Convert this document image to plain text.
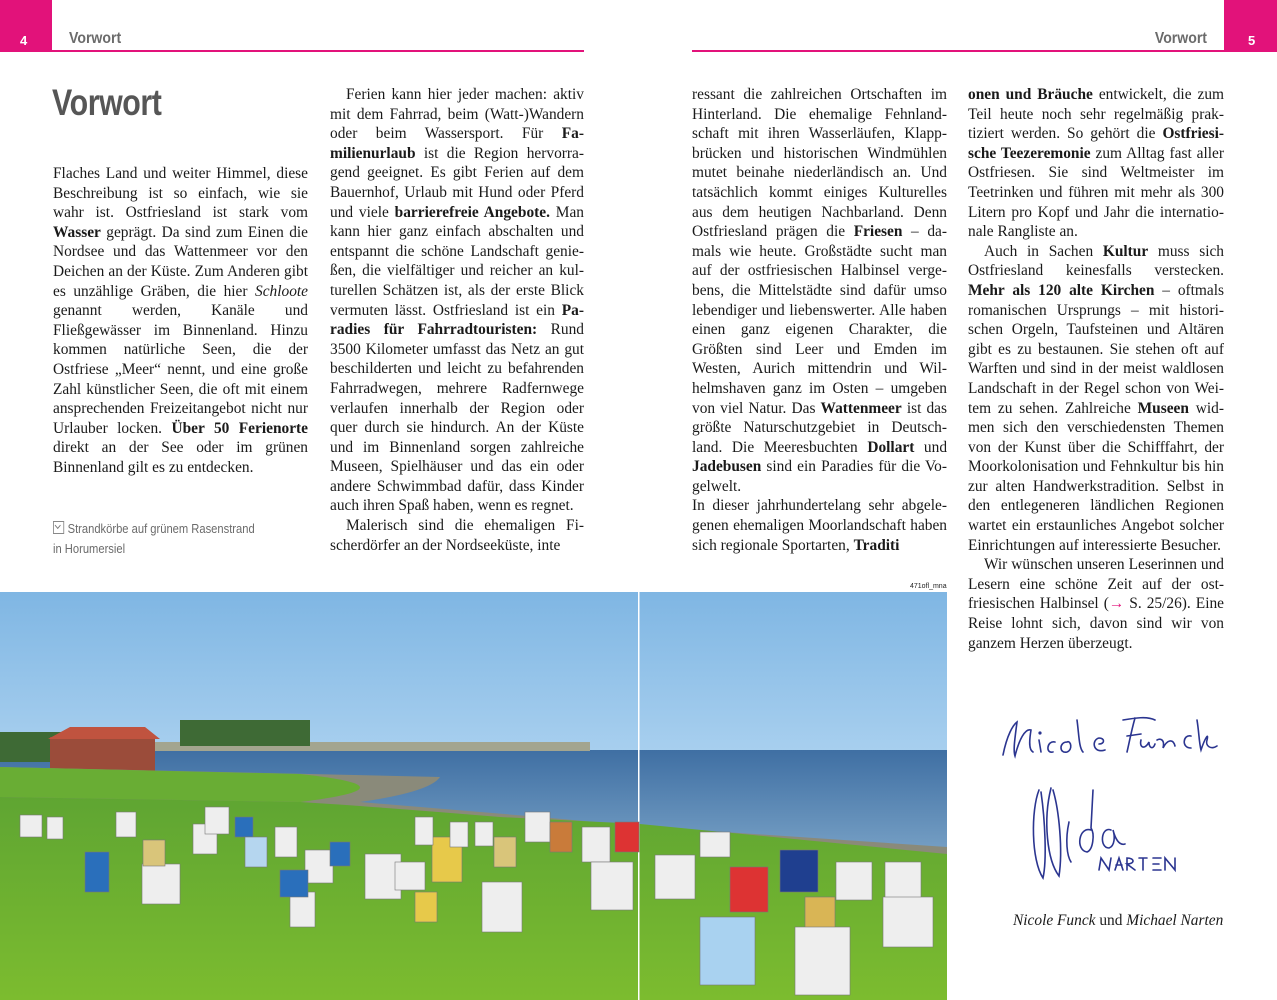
4	Vorwort
Vorwort

Flaches Land und weiter Himmel, diese Beschreibung ist so einfach, wie sie wahr ist. Ostfriesland ist stark vom Wasser geprägt. Da sind zum Einen die Nordsee und das Wattenmeer vor den Deichen an der Küste. Zum Anderen gibt es unzählige Gräben, die hier Schloote genannt werden, Kanäle und Fließgewässer im Binnenland. Hinzu kommen natürliche Seen, die der Ostfriese „Meer“ nennt, und eine große Zahl künstlicher Seen, die oft mit einem ansprechenden Freizeitangebot nicht nur Urlauber locken. Über 50 Ferienorte direkt an der See oder im grünen Binnenland gilt es zu entdecken.

Strandkörbe auf grünem Rasenstrand
in Horumersiel

Ferien kann hier jeder machen: aktiv mit dem Fahrrad, beim (Watt-)Wandern oder beim Wassersport. Für Familienurlaub ist die Region hervorragend geeignet. Es gibt Ferien auf dem Bauernhof, Urlaub mit Hund oder Pferd und viele barrierefreie Angebote. Man kann hier ganz einfach abschalten und entspannt die schöne Landschaft genießen, die vielfältiger und reicher an kulturellen Schätzen ist, als der erste Blick vermuten lässt. Ostfriesland ist ein Paradies für Fahrradtouristen: Rund 3500 Kilometer umfasst das Netz an gut beschilderten und leicht zu befahrenden Fahrradwegen, mehrere Radfernwege verlaufen innerhalb der Region oder quer durch sie hindurch. An der Küste und im Binnenland sorgen zahlreiche Museen, Spielhäuser und das ein oder andere Schwimmbad dafür, dass Kinder auch ihren Spaß haben, wenn es regnet.

Malerisch sind die ehemaligen Fischerdörfer an der Nordseeküste, inte

5
Vorwort

ressant die zahlreichen Ortschaften im Hinterland. Die ehemalige Fehnlandschaft mit ihren Wasserläufen, Klappbrücken und historischen Windmühlen mutet beinahe niederländisch an. Und tatsächlich kommt einiges Kulturelles aus dem heutigen Nachbarland. Denn Ostfriesland prägen die Friesen – damals wie heute. Großstädte sucht man auf der ostfriesischen Halbinsel vergebens, die Mittelstädte sind dafür umso lebendiger und liebenswerter. Alle haben einen ganz eigenen Charakter, die Größten sind Leer und Emden im Westen, Aurich mittendrin und Wilhelmshaven ganz im Osten – umgeben von viel Natur. Das Wattenmeer ist das größte Naturschutzgebiet in Deutschland. Die Meeresbuchten Dollart und Jadebusen sind ein Paradies für die Vogelwelt.

In dieser jahrhundertelang sehr abgelegenen ehemaligen Moorlandschaft haben sich regionale Sportarten, Traditi

onen und Bräuche entwickelt, die zum Teil heute noch sehr regelmäßig praktiziert werden. So gehört die Ostfriesische Teezeremonie zum Alltag fast aller Ostfriesen. Sie sind Weltmeister im Teetrinken und führen mit mehr als 300 Litern pro Kopf und Jahr die internationale Rangliste an.

Auch in Sachen Kultur muss sich Ostfriesland keinesfalls verstecken. Mehr als 120 alte Kirchen – oftmals romanischen Ursprungs – mit historischen Orgeln, Taufsteinen und Altären gibt es zu bestaunen. Sie stehen oft auf Warften und sind in der meist waldlosen Landschaft in der Regel schon von Weitem zu sehen. Zahlreiche Museen widmen sich den verschiedensten Themen von der Kunst über die Schifffahrt, der Moorkolonisation und Fehnkultur bis hin zur alten Handwerkstradition. Selbst in den entlegeneren ländlichen Regionen wartet ein erstaunliches Angebot solcher Einrichtungen auf interessierte Besucher.

Wir wünschen unseren Leserinnen und Lesern eine schöne Zeit auf der ostfriesischen Halbinsel (→ S. 25/26). Eine Reise lohnt sich, davon sind wir von ganzem Herzen überzeugt.

471ofl_mna
Nicole Funck und Michael Narten
